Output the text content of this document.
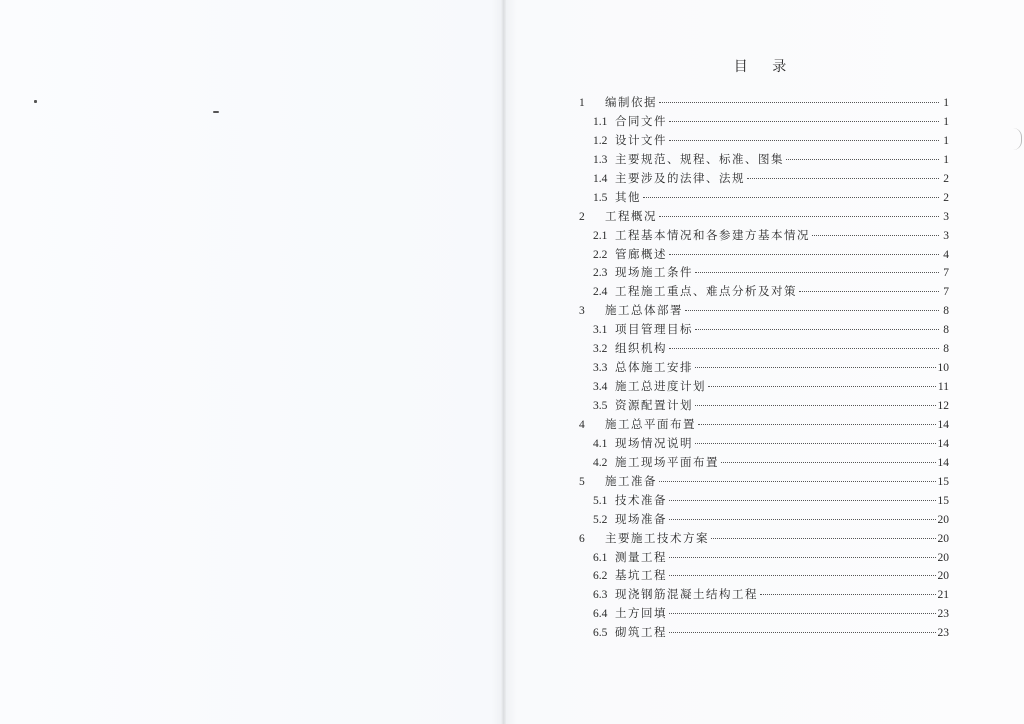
目 录
1	编制依据	1
1.1 合同文件	1
1.2 设计文件	1
1.3 主要规范、规程、标准、图集	1
1.4 主要涉及的法律、法规	2
1.5 其他	2
2	工程概况	3
2.1 工程基本情况和各参建方基本情况	3
2.2 管廊概述	4
2.3 现场施工条件	7
2.4 工程施工重点、难点分析及对策	7
3	施工总体部署	8
3.1 项目管理目标	8
3.2 组织机构	8
3.3 总体施工安排	10
3.4 施工总进度计划	11
3.5 资源配置计划	12
4	施工总平面布置	14
4.1 现场情况说明	14
4.2 施工现场平面布置	14
5	施工准备	15
5.1 技术准备	15
5.2 现场准备	20
6	主要施工技术方案	20
6.1 测量工程	20
6.2 基坑工程	20
6.3 现浇钢筋混凝土结构工程	21
6.4 土方回填	23
6.5 砌筑工程	23
